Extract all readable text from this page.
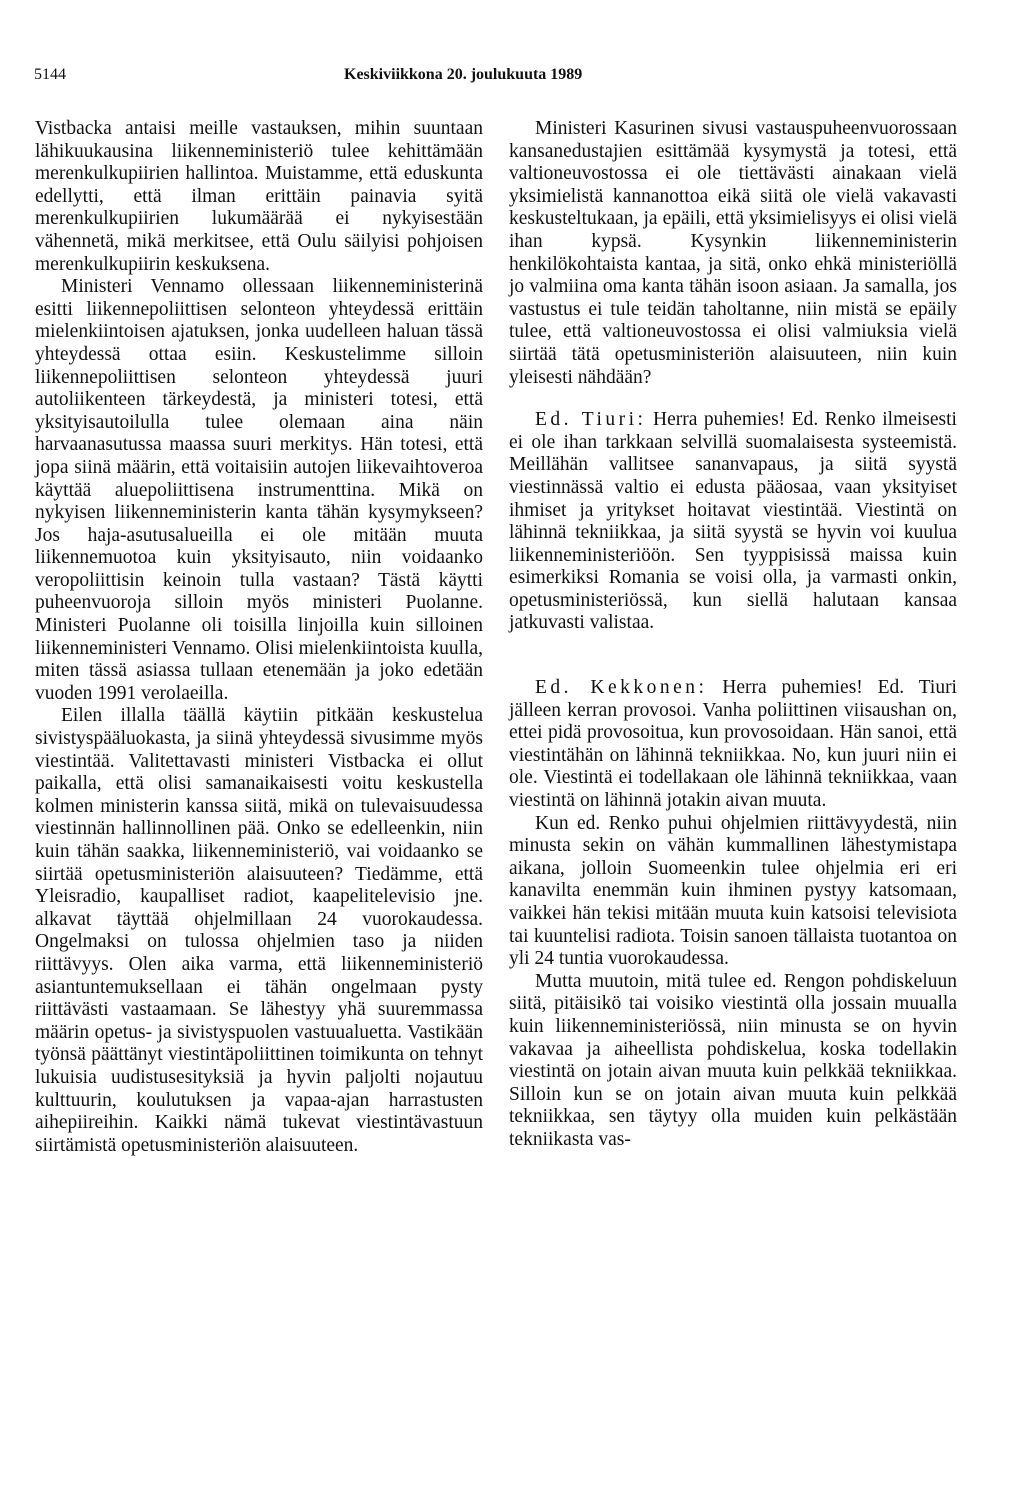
5144	Keskiviikkona 20. joulukuuta 1989

Vistbacka antaisi meille vastauksen, mihin suuntaan lähikuukausina liikenneministeriö tulee kehittämään merenkulkupiirien hallintoa. Muistamme, että eduskunta edellytti, että ilman erittäin painavia syitä merenkulkupiirien lukumäärää ei nykyisestään vähennetä, mikä merkitsee, että Oulu säilyisi pohjoisen merenkulkupiirin keskuksena.

Ministeri Vennamo ollessaan liikenneministerinä esitti liikennepoliittisen selonteon yhteydessä erittäin mielenkiintoisen ajatuksen, jonka uudelleen haluan tässä yhteydessä ottaa esiin. Keskustelimme silloin liikennepoliittisen selonteon yhteydessä juuri autoliikenteen tärkeydestä, ja ministeri totesi, että yksityisautoilulla tulee olemaan aina näin harvaanasutussa maassa suuri merkitys. Hän totesi, että jopa siinä määrin, että voitaisiin autojen liikevaihtoveroa käyttää aluepoliittisena instrumenttina. Mikä on nykyisen liikenneministerin kanta tähän kysymykseen? Jos haja-asutusalueilla ei ole mitään muuta liikennemuotoa kuin yksityisauto, niin voidaanko veropoliittisin keinoin tulla vastaan? Tästä käytti puheenvuoroja silloin myös ministeri Puolanne. Ministeri Puolanne oli toisilla linjoilla kuin silloinen liikenneministeri Vennamo. Olisi mielenkiintoista kuulla, miten tässä asiassa tullaan etenemään ja joko edetään vuoden 1991 verolaeilla.

Eilen illalla täällä käytiin pitkään keskustelua sivistyspääluokasta, ja siinä yhteydessä sivusimme myös viestintää. Valitettavasti ministeri Vistbacka ei ollut paikalla, että olisi samanaikaisesti voitu keskustella kolmen ministerin kanssa siitä, mikä on tulevaisuudessa viestinnän hallinnollinen pää. Onko se edelleenkin, niin kuin tähän saakka, liikenneministeriö, vai voidaanko se siirtää opetusministeriön alaisuuteen? Tiedämme, että Yleisradio, kaupalliset radiot, kaapelitelevisio jne. alkavat täyttää ohjelmillaan 24 vuorokaudessa. Ongelmaksi on tulossa ohjelmien taso ja niiden riittävyys. Olen aika varma, että liikenneministeriö asiantuntemuksellaan ei tähän ongelmaan pysty riittävästi vastaamaan. Se lähestyy yhä suuremmassa määrin opetus- ja sivistyspuolen vastuualuetta. Vastikään työnsä päättänyt viestintäpoliittinen toimikunta on tehnyt lukuisia uudistusesityksiä ja hyvin paljolti nojautuu kulttuurin, koulutuksen ja vapaa-ajan harrastusten aihepiireihin. Kaikki nämä tukevat viestintävastuun siirtämistä opetusministeriön alaisuuteen.

Ministeri Kasurinen sivusi vastauspuheenvuorossaan kansanedustajien esittämää kysymystä ja totesi, että valtioneuvostossa ei ole tiettävästi ainakaan vielä yksimielistä kannanottoa eikä siitä ole vielä vakavasti keskusteltukaan, ja epäili, että yksimielisyys ei olisi vielä ihan kypsä. Kysynkin liikenneministerin henkilökohtaista kantaa, ja sitä, onko ehkä ministeriöllä jo valmiina oma kanta tähän isoon asiaan. Ja samalla, jos vastustus ei tule teidän taholtanne, niin mistä se epäily tulee, että valtioneuvostossa ei olisi valmiuksia vielä siirtää tätä opetusministeriön alaisuuteen, niin kuin yleisesti nähdään?

Ed. Tiuri: Herra puhemies! Ed. Renko ilmeisesti ei ole ihan tarkkaan selvillä suomalaisesta systeemistä. Meillähän vallitsee sananvapaus, ja siitä syystä viestinnässä valtio ei edusta pääosaa, vaan yksityiset ihmiset ja yritykset hoitavat viestintää. Viestintä on lähinnä tekniikkaa, ja siitä syystä se hyvin voi kuulua liikenneministeriöön. Sen tyyppisissä maissa kuin esimerkiksi Romania se voisi olla, ja varmasti onkin, opetusministeriössä, kun siellä halutaan kansaa jatkuvasti valistaa.

Ed. Kekkonen: Herra puhemies! Ed. Tiuri jälleen kerran provosoi. Vanha poliittinen viisaushan on, ettei pidä provosoitua, kun provosoidaan. Hän sanoi, että viestintähän on lähinnä tekniikkaa. No, kun juuri niin ei ole. Viestintä ei todellakaan ole lähinnä tekniikkaa, vaan viestintä on lähinnä jotakin aivan muuta.

Kun ed. Renko puhui ohjelmien riittävyydestä, niin minusta sekin on vähän kummallinen lähestymistapa aikana, jolloin Suomeenkin tulee ohjelmia eri eri kanavilta enemmän kuin ihminen pystyy katsomaan, vaikkei hän tekisi mitään muuta kuin katsoisi televisiota tai kuuntelisi radiota. Toisin sanoen tällaista tuotantoa on yli 24 tuntia vuorokaudessa.

Mutta muutoin, mitä tulee ed. Rengon pohdiskeluun siitä, pitäisikö tai voisiko viestintä olla jossain muualla kuin liikenneministeriössä, niin minusta se on hyvin vakavaa ja aiheellista pohdiskelua, koska todellakin viestintä on jotain aivan muuta kuin pelkkää tekniikkaa. Silloin kun se on jotain aivan muuta kuin pelkkää tekniikkaa, sen täytyy olla muiden kuin pelkästään tekniikasta vas-
